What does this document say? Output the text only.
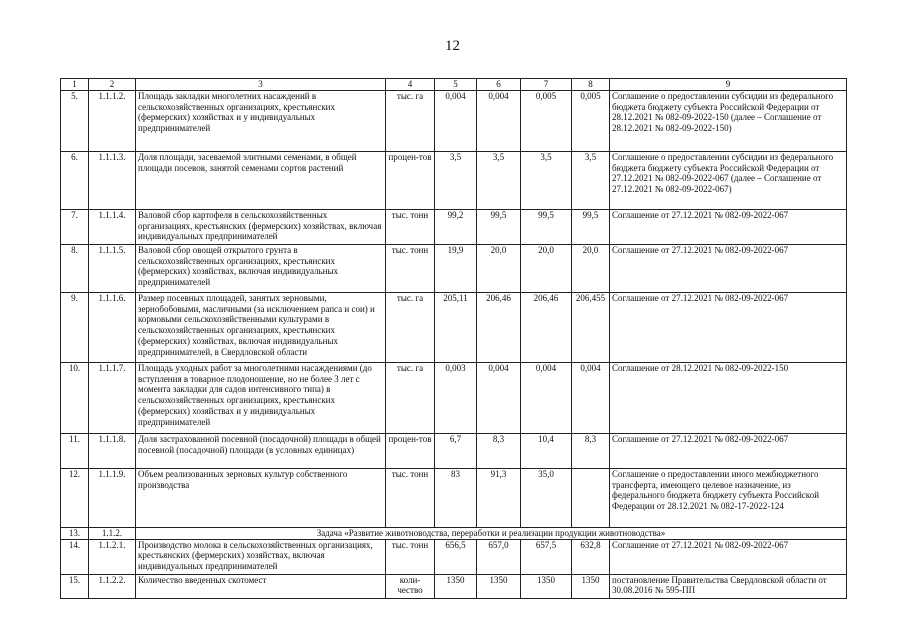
12
1	2	3	4	5	6	7	8	9
5.	1.1.1.2.	Площадь закладки многолетних насаждений в сельскохозяйственных организациях, крестьянских (фермерских) хозяйствах и у индивидуальных предпринимателей	тыс. га	0,004	0,004	0,005	0,005	Соглашение о предоставлении субсидии из федерального бюджета бюджету субъекта Российской Федерации от 28.12.2021 № 082-09-2022-150 (далее – Соглашение от 28.12.2021 № 082-09-2022-150)
6.	1.1.1.3.	Доля площади, засеваемой элитными семенами, в общей площади посевов, занятой семенами сортов растений	процен-тов	3,5	3,5	3,5	3,5	Соглашение о предоставлении субсидии из федерального бюджета бюджету субъекта Российской Федерации от 27.12.2021 № 082-09-2022-067 (далее – Соглашение от 27.12.2021 № 082-09-2022-067)
7.	1.1.1.4.	Валовой сбор картофеля в сельскохозяйственных организациях, крестьянских (фермерских) хозяйствах, включая индивидуальных предпринимателей	тыс. тонн	99,2	99,5	99,5	99,5	Соглашение от 27.12.2021 № 082-09-2022-067
8.	1.1.1.5.	Валовой сбор овощей открытого грунта в сельскохозяйственных организациях, крестьянских (фермерских) хозяйствах, включая индивидуальных предпринимателей	тыс. тонн	19,9	20,0	20,0	20,0	Соглашение от 27.12.2021 № 082-09-2022-067
9.	1.1.1.6.	Размер посевных площадей, занятых зерновыми, зернобобовыми, масличными (за исключением рапса и сои) и кормовыми сельскохозяйственными культурами в сельскохозяйственных организациях, крестьянских (фермерских) хозяйствах, включая индивидуальных предпринимателей, в Свердловской области	тыс. га	205,11	206,46	206,46	206,455	Соглашение от 27.12.2021 № 082-09-2022-067
10.	1.1.1.7.	Площадь уходных работ за многолетними насаждениями (до вступления в товарное плодоношение, но не более 3 лет с момента закладки для садов интенсивного типа) в сельскохозяйственных организациях, крестьянских (фермерских) хозяйствах и у индивидуальных предпринимателей	тыс. га	0,003	0,004	0,004	0,004	Соглашение от 28.12.2021 № 082-09-2022-150
11.	1.1.1.8.	Доля застрахованной посевной (посадочной) площади в общей посевной (посадочной) площади (в условных единицах)	процен-тов	6,7	8,3	10,4	8,3	Соглашение от 27.12.2021 № 082-09-2022-067
12.	1.1.1.9.	Объем реализованных зерновых культур собственного производства	тыс. тонн	83	91,3	35,0		Соглашение о предоставлении иного межбюджетного трансферта, имеющего целевое назначение, из федерального бюджета бюджету субъекта Российской Федерации от 28.12.2021 № 082-17-2022-124
13.	1.1.2.	Задача «Развитие животноводства, переработки и реализации продукции животноводства»						
14.	1.1.2.1.	Производство молока в сельскохозяйственных организациях, крестьянских (фермерских) хозяйствах, включая индивидуальных предпринимателей	тыс. тонн	656,5	657,0	657,5	632,8	Соглашение от 27.12.2021 № 082-09-2022-067
15.	1.1.2.2.	Количество введенных скотомест	коли-чество	1350	1350	1350	1350	постановление Правительства Свердловской области от 30.08.2016 № 595-ПП
